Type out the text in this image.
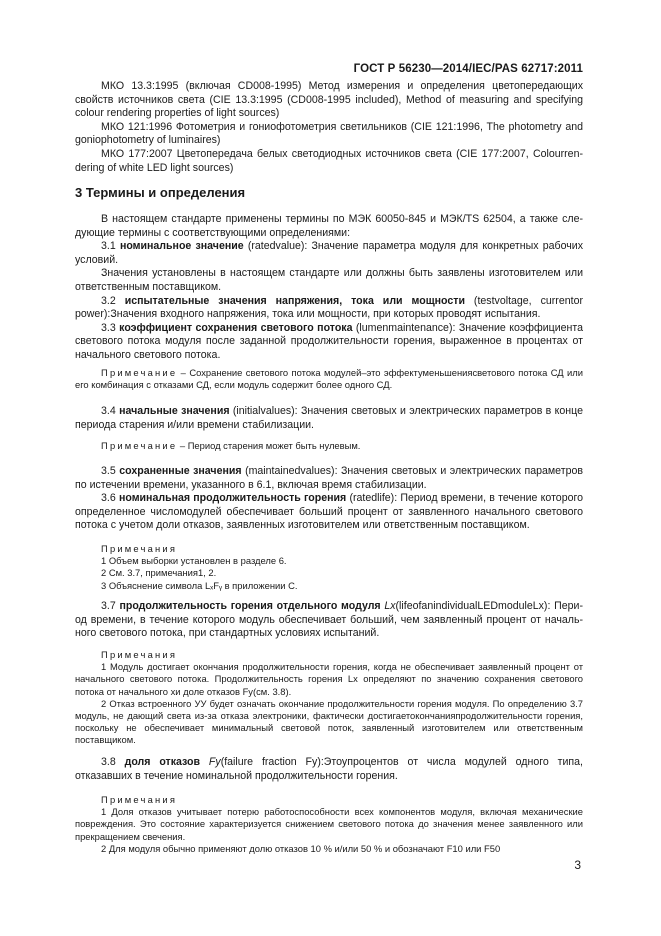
ГОСТ Р 56230—2014/IEC/PAS 62717:2011

МКО 13.3:1995 (включая CD008-1995) Метод измерения и определения цветопередающих свойств источников света (CIE 13.3:1995 (CD008-1995 included), Method of measuring and specifying colour rendering properties of light sources)

МКО 121:1996 Фотометрия и гониофотометрия светильников (CIE 121:1996, The photometry and goniophotometry of luminaires)

МКО 177:2007 Цветопередача белых светодиодных источников света (CIE 177:2007, Colourrendering of white LED light sources)

3 Термины и определения

В настоящем стандарте применены термины по МЭК 60050-845 и МЭК/TS 62504, а также следующие термины с соответствующими определениями:

3.1 номинальное значение (ratedvalue): Значение параметра модуля для конкретных рабочих условий.

Значения установлены в настоящем стандарте или должны быть заявлены изготовителем или ответственным поставщиком.

3.2 испытательные значения напряжения, тока или мощности (testvoltage, currentor power):Значения входного напряжения, тока или мощности, при которых проводят испытания.

3.3 коэффициент сохранения светового потока (lumenmaintenance): Значение коэффициента светового потока модуля после заданной продолжительности горения, выраженное в процентах от начального светового потока.

Примечание – Сохранение светового потока модулей–это эффектуменьшениясветового потока СД или его комбинация с отказами СД, если модуль содержит более одного СД.

3.4 начальные значения (initialvalues): Значения световых и электрических параметров в конце периода старения и/или времени стабилизации.

Примечание – Период старения может быть нулевым.

3.5 сохраненные значения (maintainedvalues): Значения световых и электрических параметров по истечении времени, указанного в 6.1, включая время стабилизации.

3.6 номинальная продолжительность горения (ratedlife): Период времени, в течение которого определенное числомодулей обеспечивает больший процент от заявленного начального светового потока с учетом доли отказов, заявленных изготовителем или ответственным поставщиком.

Примечания

1 Объем выборки установлен в разделе 6.

2 См. 3.7, примечания1, 2.

3 Объяснение символа LₓFᵧ в приложении C.

3.7 продолжительность горения отдельного модуля Lx(lifeofanindividualLEDmoduleLx): Период времени, в течение которого модуль обеспечивает больший, чем заявленный процент от начального светового потока, при стандартных условиях испытаний.

Примечания

1 Модуль достигает окончания продолжительности горения, когда не обеспечивает заявленный процент от начального светового потока. Продолжительность горения Lx определяют по значению сохранения светового потока от начального xи доле отказов Fy(см. 3.8).

2 Отказ встроенного УУ будет означать окончание продолжительности горения модуля. По определению 3.7 модуль, не дающий света из-за отказа электроники, фактически достигаетокончанияпродолжительности горения, поскольку не обеспечивает минимальный световой поток, заявленный изготовителем или ответственным поставщиком.

3.8 доля отказов Fy(failure fraction Fy):Этоупроцентов от числа модулей одного типа, отказавших в течение номинальной продолжительности горения.

Примечания

1 Доля отказов учитывает потерю работоспособности всех компонентов модуля, включая механические повреждения. Это состояние характеризуется снижением светового потока до значения менее заявленного или прекращением свечения.

2 Для модуля обычно применяют долю отказов 10 % и/или 50 % и обозначают F10 или F50

3
